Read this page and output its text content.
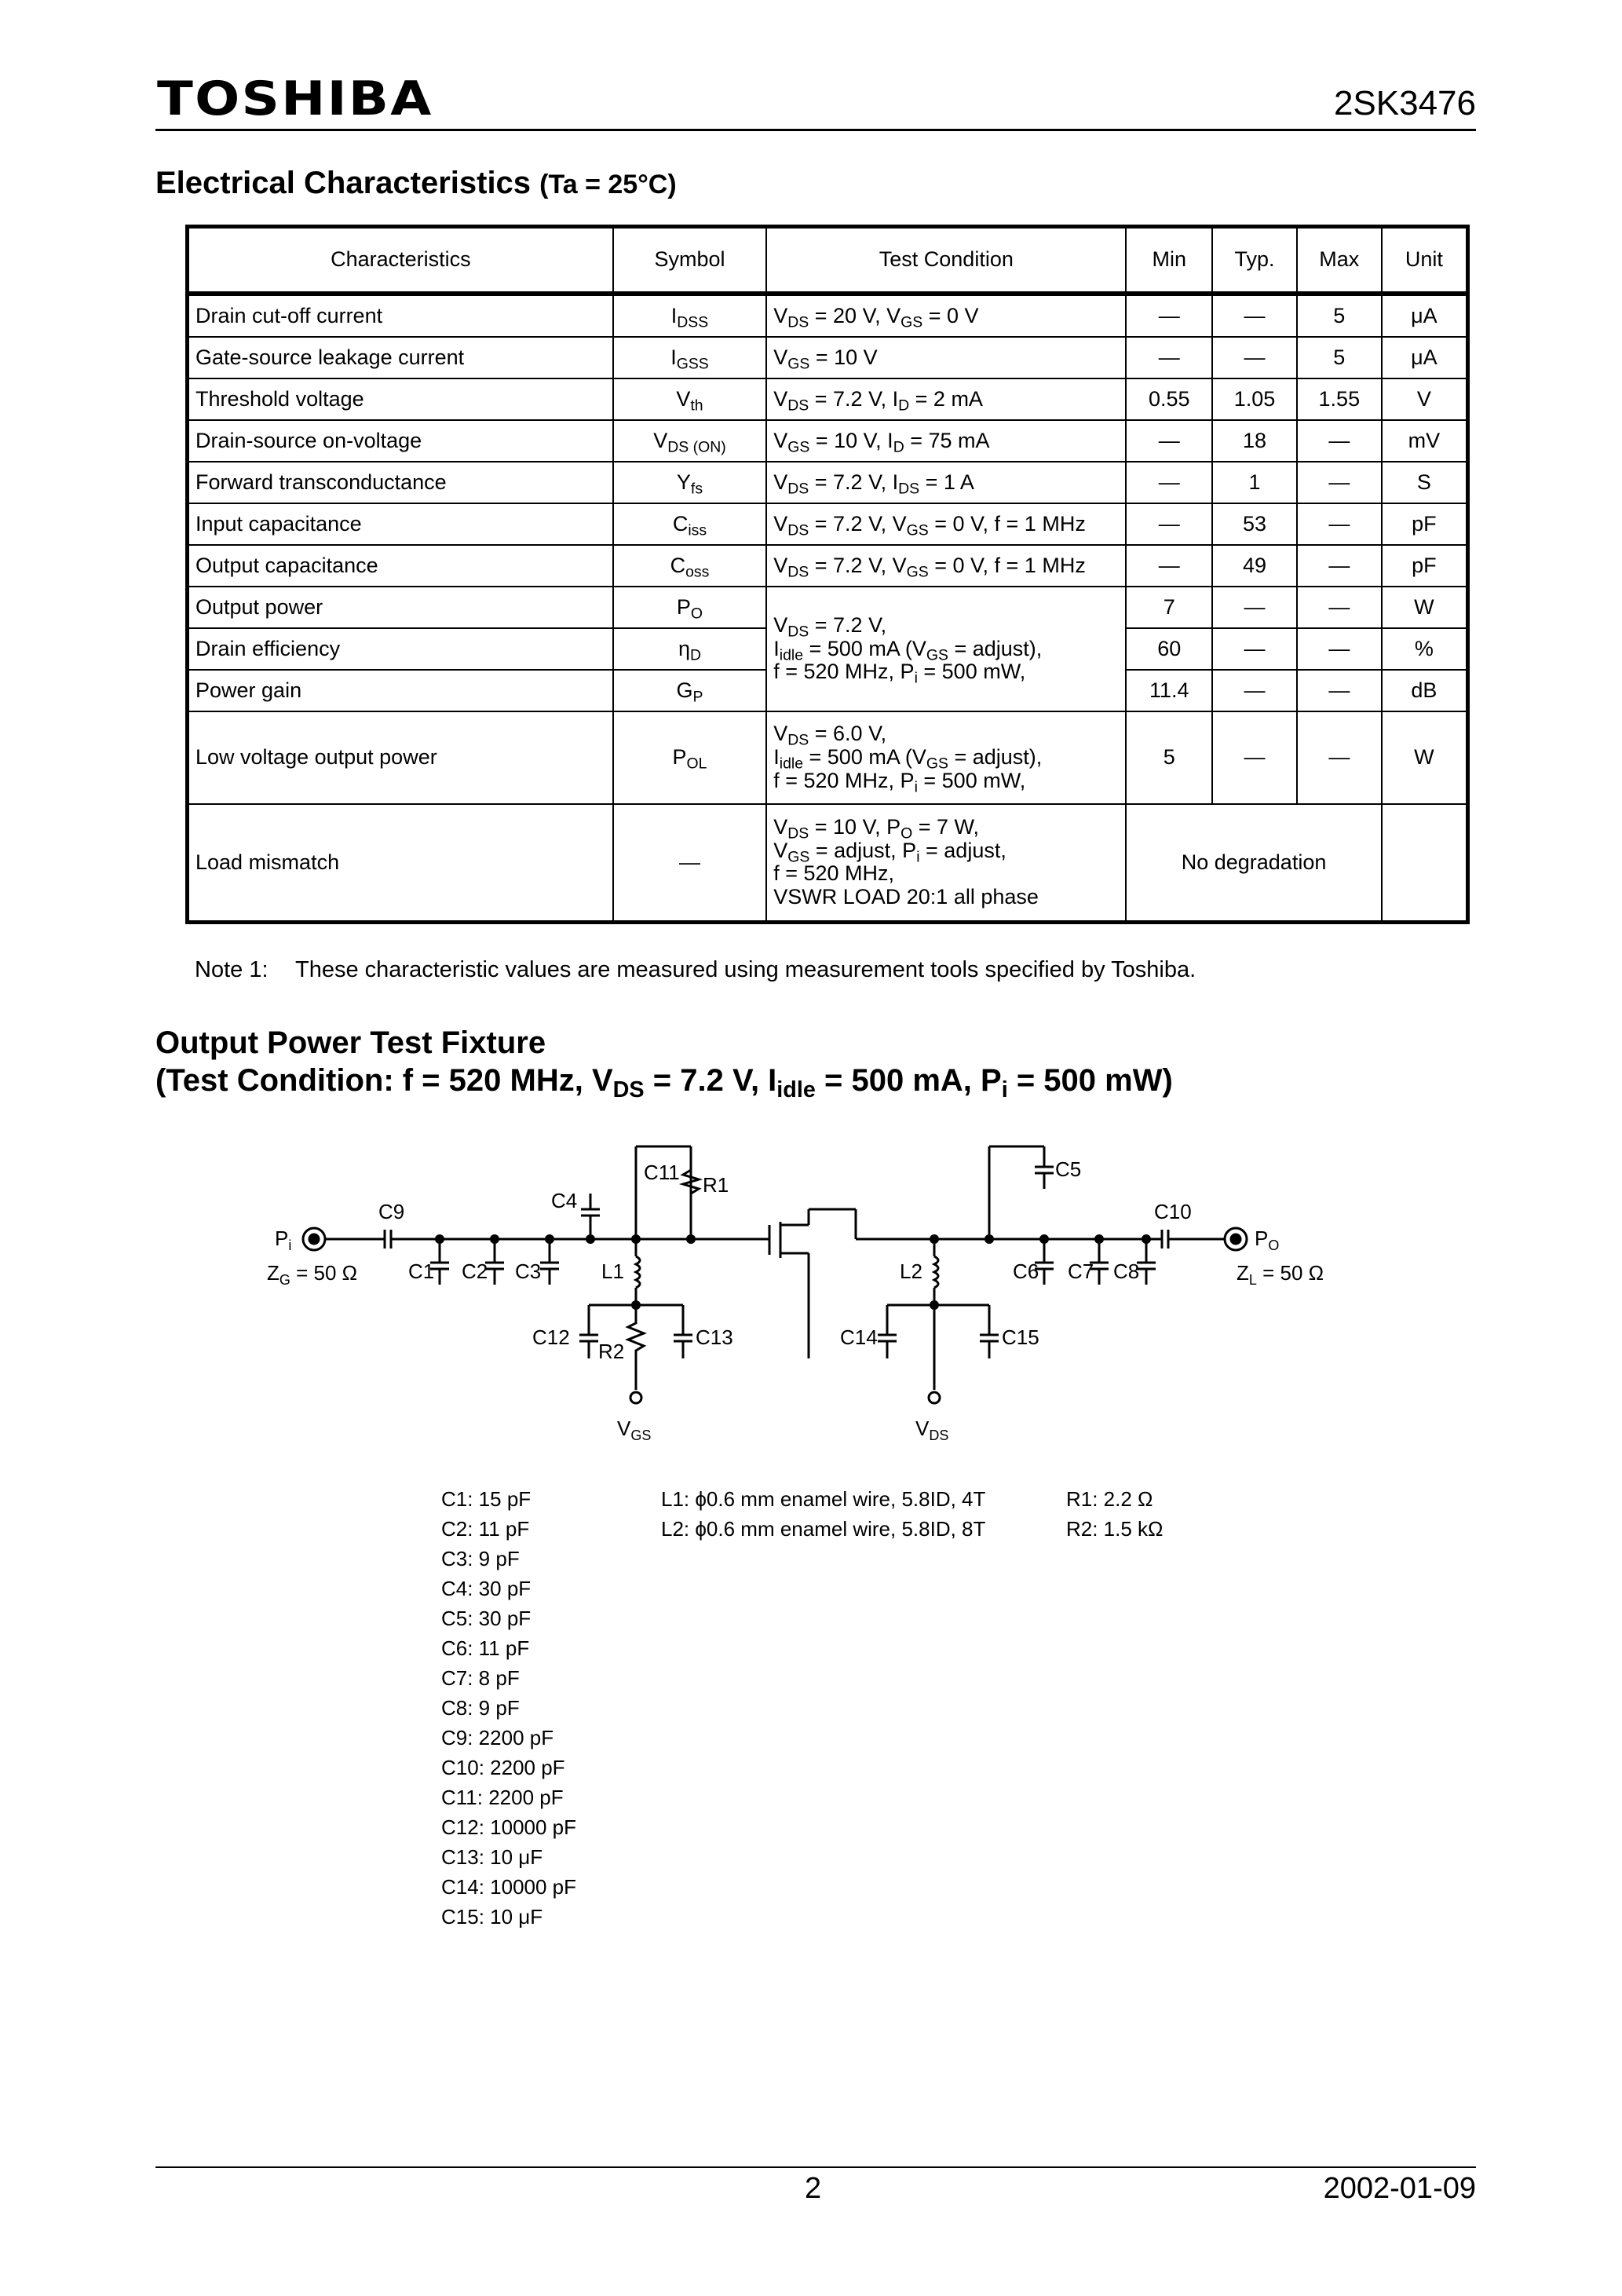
TOSHIBA	2SK3476
Electrical Characteristics (Ta = 25°C)
Characteristics	Symbol	Test Condition	Min	Typ.	Max	Unit
Drain cut-off current	$I_{DSS}$	$V_{DS} = 20$ V, $V_{GS} = 0$ V	—	—	5	μA
Gate-source leakage current	$I_{GSS}$	$V_{GS} = 10$ V	—	—	5	μA
Threshold voltage	$V_{th}$	$V_{DS} = 7.2$ V, $I_D = 2$ mA	0.55	1.05	1.55	V
Drain-source on-voltage	$V_{DS (ON)}$	$V_{GS} = 10$ V, $I_D = 75$ mA	—	18	—	mV
Forward transconductance	$Y_{fs}$	$V_{DS} = 7.2$ V, $I_{DS} = 1$ A	—	1	—	S
Input capacitance	$C_{iss}$	$V_{DS} = 7.2$ V, $V_{GS} = 0$ V, f = 1 MHz	—	53	—	pF
Output capacitance	$C_{oss}$	$V_{DS} = 7.2$ V, $V_{GS} = 0$ V, f = 1 MHz	—	49	—	pF
Output power	$P_O$	$V_{DS} = 7.2$ V,
$I_{idle} = 500$ mA ($V_{GS}$ = adjust),
f = 520 MHz, $P_i = 500$ mW,	7	—	—	W
Drain efficiency	$\eta_D$		60	—	—	%
Power gain	$G_P$		11.4	—	—	dB
Low voltage output power	$P_{OL}$	$V_{DS} = 6.0$ V,
$I_{idle} = 500$ mA ($V_{GS}$ = adjust),
f = 520 MHz, $P_i = 500$ mW,	5	—	—	W
Load mismatch	—	$V_{DS} = 10$ V, $P_O = 7$ W,
$V_{GS}$ = adjust, $P_i$ = adjust,
f = 520 MHz,
VSWR LOAD 20:1 all phase	No degradation			
Note 1: These characteristic values are measured using measurement tools specified by Toshiba.
Output Power Test Fixture
(Test Condition: f = 520 MHz, $V_{DS} = 7.2$ V, $I_{idle} = 500$ mA, $P_i = 500$ mW)
$P_i$	$P_O$
$Z_G = 50$ Ω	$Z_L = 50$ Ω
C9	C10
C1 C2 C3
C4
C11
R1
L1
C12
R2
C13
$V_{GS}$
L2
C14	C15
$V_{DS}$
C5
C6 C7 C8
C1: 15 pF
C2: 11 pF
C3: 9 pF
C4: 30 pF
C5: 30 pF
C6: 11 pF
C7: 8 pF
C8: 9 pF
C9: 2200 pF
C10: 2200 pF
C11: 2200 pF
C12: 10000 pF
C13: 10 μF
C14: 10000 pF
C15: 10 μF
L1: ϕ0.6 mm enamel wire, 5.8ID, 4T
L2: ϕ0.6 mm enamel wire, 5.8ID, 8T
R1: 2.2 Ω
R2: 1.5 kΩ
2	2002-01-09
